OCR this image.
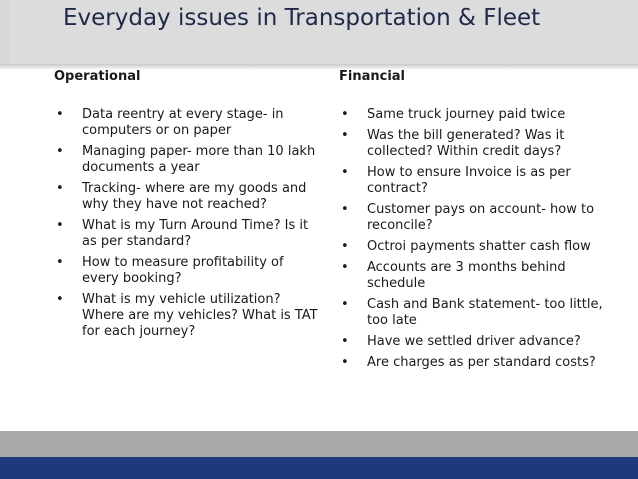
Everyday issues in Transportation & Fleet
Operational
• Data reentry at every stage- in computers or on paper
• Managing paper- more than 10 lakh documents a year
• Tracking- where are my goods and why they have not reached?
• What is my Turn Around Time? Is it as per standard?
• How to measure profitability of every booking?
• What is my vehicle utilization? Where are my vehicles? What is TAT for each journey?
Financial
• Same truck journey paid twice
• Was the bill generated? Was it collected? Within credit days?
• How to ensure Invoice is as per contract?
• Customer pays on account- how to reconcile?
• Octroi payments shatter cash flow
• Accounts are 3 months behind schedule
• Cash and Bank statement- too little, too late
• Have we settled driver advance?
• Are charges as per standard costs?
